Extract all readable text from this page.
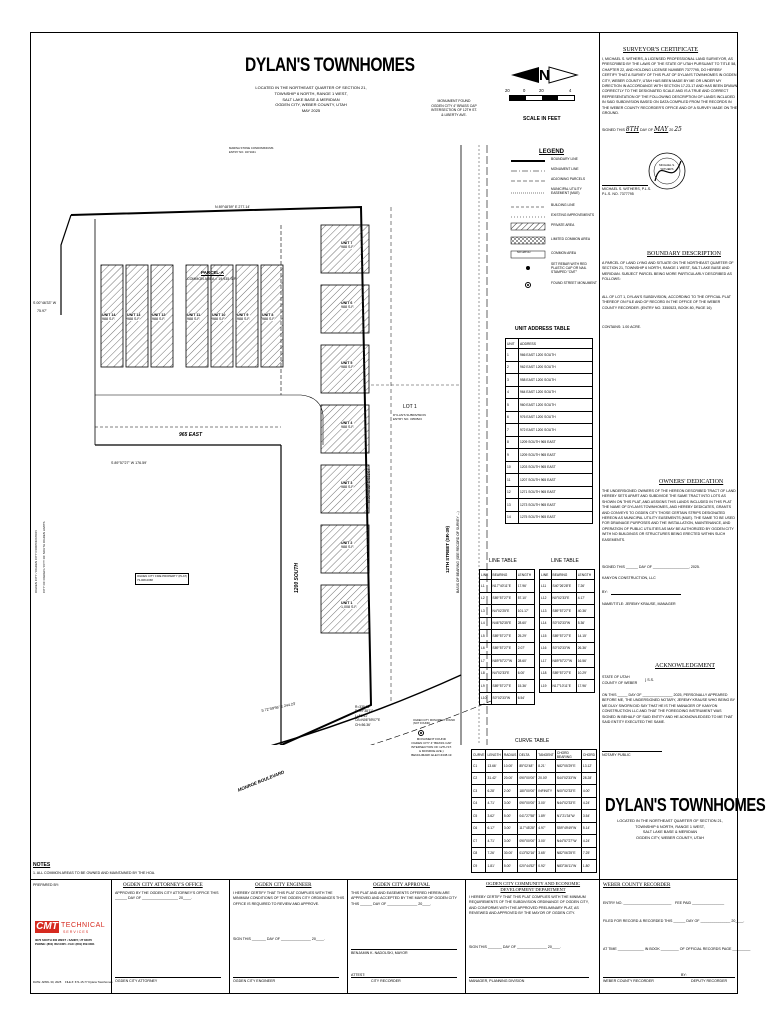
DYLAN'S TOWNHOMES
LOCATED IN THE NORTHEAST QUARTER OF SECTION 21,
TOWNSHIP 6 NORTH, RANGE 1 WEST,
SALT LAKE BASE & MERIDIAN
OGDEN CITY, WEBER COUNTY, UTAH
MAY 2025
MONUMENT FOUND
OGDEN CITY 4" BRASS CAP
INTERSECTION OF 12TH ST.
& LIBERTY AVE.
N
20	0	20	4
SCALE IN FEET
SURVEYOR'S CERTIFICATE
I, MICHAEL S. WITHERS, A LICENSED PROFESSIONAL LAND SURVEYOR, AS PRESCRIBED BY THE LAWS OF THE STATE OF UTAH PURSUANT TO TITLE 58, CHAPTER 22, AND HOLDING LICENSE NUMBER 7377795, DO HEREBY CERTIFY THAT A SURVEY OF THIS PLAT OF DYLAN'S TOWNHOMES IN OGDEN CITY, WEBER COUNTY, UTAH HAS BEEN MADE BY ME OR UNDER MY DIRECTION IN ACCORDANCE WITH SECTION 17-23-17 AND HAS BEEN DRAWN CORRECTLY TO THE DESIGNATED SCALE AND IS A TRUE AND CORRECT REPRESENTATION OF THE FOLLOWING DESCRIPTION OF LANDS INCLUDED IN SAID SUBDIVISION BASED ON DATA COMPILED FROM THE RECORDS IN THE WEBER COUNTY RECORDER'S OFFICE AND OF A SURVEY MADE ON THE GROUND.
SIGNED THIS 8TH DAY OF MAY 20 25
MICHAEL S.
WITHERS
MICHAEL S. WITHERS, P.L.S.
P.L.S. NO. 7377795
LEGEND
NO HATCH
BOUNDARY LINE
MONUMENT LINE
ADJOINING PARCELS
MUNICIPAL UTILITY EASEMENT (MUE)
BUILDING LINE
EXISTING IMPROVEMENTS
PRIVATE AREA
LIMITED COMMON AREA
COMMON AREA
SET REBAR WITH RED PLASTIC CAP OR NAIL STAMPED "CMT"
FOUND STREET MONUMENT
BOUNDARY DESCRIPTION
A PARCEL OF LAND LYING AND SITUATE ON THE NORTHEAST QUARTER OF SECTION 21, TOWNSHIP 6 NORTH, RANGE 1 WEST, SALT LAKE BASE AND MERIDIAN. SUBJECT PARCEL BEING MORE PARTICULARLY DESCRIBED AS FOLLOWS:
ALL OF LOT 1, DYLAN'S SUBDIVISION, ACCORDING TO THE OFFICIAL PLAT THEREOF ON FILE AND OF RECORD IN THE OFFICE OF THE WEBER COUNTY RECORDER. (ENTRY NO. 3350523, BOOK 80, PAGE 16)
CONTAINS: 1.00 ACRE.
UNIT ADDRESS TABLE
UNIT	ADDRESS
1	966 EAST 1200 SOUTH
2	962 EAST 1200 SOUTH
3	958 EAST 1200 SOUTH
4	964 EAST 1200 SOUTH
5	960 EAST 1200 SOUTH
6	976 EAST 1200 SOUTH
7	972 EAST 1200 SOUTH
8	1209 SOUTH 965 EAST
9	1209 SOUTH 965 EAST
10	1203 SOUTH 965 EAST
11	1207 SOUTH 965 EAST
12	1271 SOUTH 965 EAST
13	1273 SOUTH 965 EAST
14	1275 SOUTH 965 EAST
OWNERS' DEDICATION
THE UNDERSIGNED OWNERS OF THE HEREON DESCRIBED TRACT OF LAND HEREBY SETS APART AND SUBDIVIDE THE SAME TRACT INTO LOTS AS SHOWN ON THIS PLAT, AND ASSIGNS THIS LANDS INCLUDED IN THIS PLAT THE NAME OF DYLAN'S TOWNHOMES, AND HEREBY DEDICATES, GRANTS AND CONVEYS TO OGDEN CITY THOSE CERTAIN STRIPS DESIGNATED HEREON AS MUNICIPAL UTILITY EASEMENTS (MUE). THE SAME TO BE USED FOR DRAINAGE PURPOSES AND THE INSTALLATION, MAINTENANCE, AND OPERATION OF PUBLIC UTILITIES AS MAY BE AUTHORIZED BY OGDEN CITY WITH NO BUILDINGS OR STRUCTURES BEING ERECTED WITHIN SUCH EASEMENTS.
SIGNED THIS ______ DAY OF __________________, 2025.
KANYON CONSTRUCTION, LLC
BY:
NAME/TITLE: JEREMY KRAUSE, MANAGER
ACKNOWLEDGMENT
STATE OF UTAH
COUNTY OF WEBER
} S.S.
ON THIS _____ DAY OF _______________ 2025, PERSONALLY APPEARED BEFORE ME, THE UNDERSIGNED NOTARY, JEREMY KRAUSE WHO BEING BY ME DULY SWORN DID SAY THAT HE IS THE MANAGER OF KANYON CONSTRUCTION LLC AND THAT THE FOREGOING INSTRUMENT WAS SIGNED IN BEHALF OF SAID ENTITY AND HE ACKNOWLEDGED TO ME THAT SAID ENTITY EXECUTED THE SAME.
NOTARY PUBLIC
DYLAN'S TOWNHOMES
LOCATED IN THE NORTHEAST QUARTER OF SECTION 21,
TOWNSHIP 6 NORTH, RANGE 1 WEST,
SALT LAKE BASE & MERIDIAN
OGDEN CITY, WEBER COUNTY, UTAH
LINE TABLE
LINE	BEARING	LENGTH
L1	N17°40'11"E	17.96'
L2	S89°57'27"E	57.10'
L3	N4°02'25"E	101.17'
L4	N46°52'35"E	28.60'
L5	S89°57'27"E	25.29'
L6	S89°57'27"E	2.07'
L7	N89°57'27"W	28.60'
L8	N4°02'33"E	6.00'
L9	S89°57'27"E	15.36'
L10	S0°02'33"W	6.54'
LINE TABLE
LINE	BEARING	LENGTH
L11	S40°26'28"E	7.26'
L12	N0°02'33"E	4.17'
L13	S89°57'27"E	40.36'
L14	S0°02'33"W	5.36'
L15	S89°57'27"E	14.15'
L16	S0°02'33"W	26.36'
L17	N89°57'27"W	16.56'
L18	S89°57'27"E	10.29'
L19	N17°10'11"E	17.96'
CURVE TABLE
CURVE	LENGTH	RADIUS	DELTA	TANGENT	CHORD BEARING	CHORD
C1	13.66'	10.00'	85°02'48"	8.21'	N82°05'29"E	13.12'
C2	31.42'	20.00'	090°00'00"	20.00'	S44°02'33"W	28.28'
C3	6.28'	2.00'	180°00'00"	INFINITY	N00°02'33"E	4.00'
C4	4.71'	3.00'	090°00'00"	3.00'	N44°02'33"E	4.24'
C5	3.62'	5.00'	041°27'58"	1.89'	N1°21'34"W	3.54'
C6	6.17'	3.00'	117°45'28"	4.97'	S59°49'49"W	5.14'
C7	4.71'	3.00'	090°00'00"	3.00'	N44°57'27"W	4.24'
C8	7.26'	30.00'	013°52'16"	3.65'	N82°06'25"E	7.25'
C9	1.81'	5.00'	020°44'52"	0.92'	N83°36'11"W	1.80'
NOTES
1. ALL COMMON AREAS TO BE OWNED AND MAINTAINED BY THE HOA.
PARCEL-A
COMMON AREA = 19,935 S.F.
965 EAST
1200 SOUTH
MONROE BOULEVARD
12TH STREET (SR-39) BASIS OF BEARING (SEE RECORD OF SURVEY ...)
LOT 1
DYLAN'S SUBDIVISION
ENTRY NO. 3350523
N 89°48'59" E 277.14'
S 00°46'33" W
75.97'
S 89°57'27" W 176.59'
S 72°09'56" E 244.23'
N 00°46'02" E 331.84'
MARINA STONE CONDOMINIUMS
ENTRY NO. 3271041
OGDEN CITY / OGDEN CITY CORPORATION CITY OF OGDEN / CITY OF SOUTH OGDEN LIMITS	OGDEN CITY FIRE PROPERTY (PLAT)
73-008-0068
R=335.15'
D=09°38'11"
L=56.41'
CB=N06°59'07"E
CH=56.36'
MONUMENT FOUND
OGDEN CITY 4" BRASS CAP
INTERSECTION OF 12TH ST.
& MONROE AVE.)
BENCHMARK ELEV=4338.19
OGDEN CITY MONUMENT FOUND
(NOT FOUND)
UNIT 14
988 S.F.
UNIT 13
988 S.F.
UNIT 12
988 S.F.
UNIT 11
988 S.F.
UNIT 10
988 S.F.
UNIT 9
988 S.F.
UNIT 8
988 S.F.
UNIT 7
988 S.F.
UNIT 6
988 S.F.
UNIT 5
988 S.F.
UNIT 4
988 S.F.
UNIT 3
988 S.F.
UNIT 2
988 S.F.
UNIT 1
1,008 S.F.
PREPARED BY:
CMT TECHNICAL
S E R V I C E S
3070 SOUTH 300 WEST • SANDY, UT 84070
PHONE: (801) 352-0305 • FAX: (801) 352-0301
DATE: APRIL 30, 2025 FILE #: 671-15-77 Dylans Townhomes
OGDEN CITY ATTORNEY'S OFFICE
APPROVED BY THE OGDEN CITY ATTORNEY'S OFFICE THIS ______ DAY OF __________________ 20____.
OGDEN CITY ATTORNEY
OGDEN CITY ENGINEER
I HEREBY CERTIFY THAT THIS PLAT COMPLIES WITH THE MINIMUM CONDITIONS OF THE OGDEN CITY ORDINANCES THIS OFFICE IS REQUIRED TO REVIEW AND APPROVE.
SIGN THIS _______ DAY OF _______________ 20____.
OGDEN CITY ENGINEER
OGDEN CITY APPROVAL
THIS PLAT AND AND EASEMENTS OFFERED HEREIN ARE APPROVED AND ACCEPTED BY THE MAYOR OF OGDEN CITY THIS ______ DAY OF _______________ 20____.
BENJAMIN K. NADOLSKI, MAYOR
ATTEST:
CITY RECORDER
OGDEN CITY COMMUNITY AND ECONOMIC DEVELOPMENT DEPARTMENT
I HEREBY CERTIFY THAT THIS PLAT COMPLIES WITH THE MINIMUM REQUIREMENTS OF THE SUBDIVISION ORDINANCE OF OGDEN CITY, AND CONFORMS WITH THE APPROVED PRELIMINARY PLAT, AS REVIEWED AND APPROVED BY THE MAYOR OF OGDEN CITY.
SIGN THIS _______ DAY OF _______________ 20____.
MANAGER, PLANNING DIVISION
WEBER COUNTY RECORDER
ENTRY NO. ________________________ FEE PAID ________________
FILED FOR RECORD & RECORDED THIS ______ DAY OF _______________ 20____.
AT TIME _____________ IN BOOK _________ OF OFFICIAL RECORDS PAGE _________
BY:
WEBER COUNTY RECORDER	DEPUTY RECORDER
